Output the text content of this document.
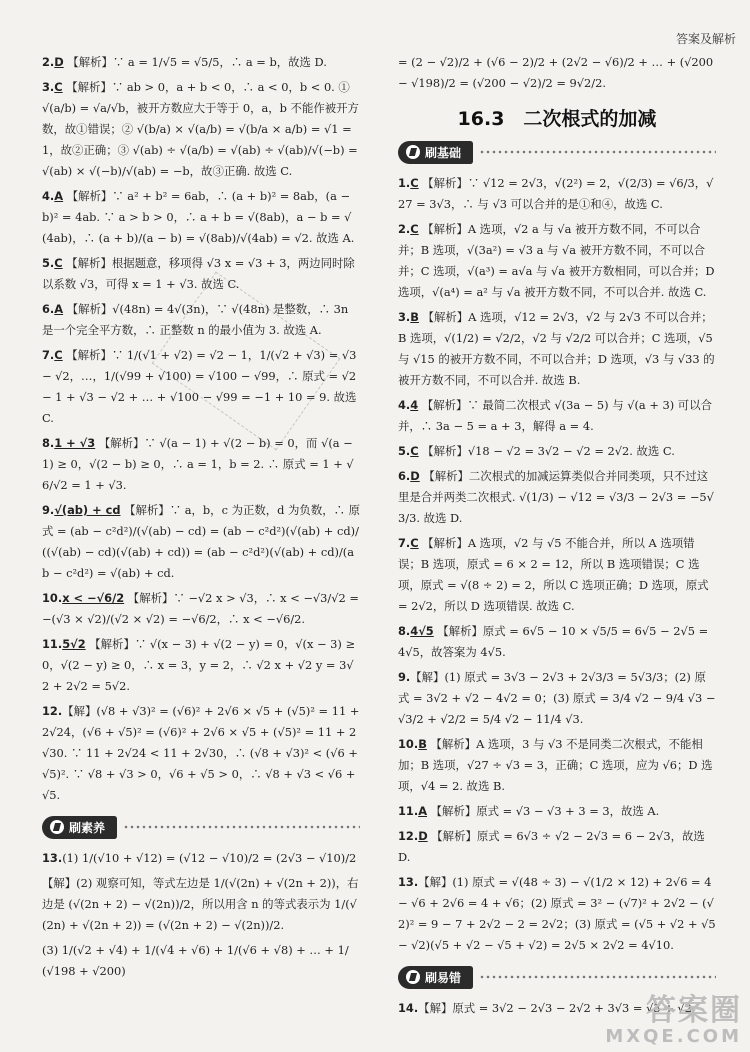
答案及解析
2.D 【解析】∵ a = 1/√5 = √5/5，∴ a = b，故选 D.
3.C 【解析】∵ ab > 0，a + b < 0，∴ a < 0，b < 0. ① √(a/b) = √a/√b，被开方数应大于等于 0，a，b 不能作被开方数，故①错误；② √(b/a) × √(a/b) = √(b/a × a/b) = √1 = 1，故②正确；③ √(ab) ÷ √(a/b) = √(ab) ÷ √(ab)/√(−b) = √(ab) × √(−b)/√(ab) = −b，故③正确. 故选 C.
4.A 【解析】∵ a² + b² = 6ab，∴ (a + b)² = 8ab，(a − b)² = 4ab. ∵ a > b > 0，∴ a + b = √(8ab)，a − b = √(4ab)，∴ (a + b)/(a − b) = √(8ab)/√(4ab) = √2. 故选 A.
5.C 【解析】根据题意，移项得 √3 x = √3 + 3，两边同时除以系数 √3，可得 x = 1 + √3. 故选 C.
6.A 【解析】√(48n) = 4√(3n)，∵ √(48n) 是整数，∴ 3n 是一个完全平方数，∴ 正整数 n 的最小值为 3. 故选 A.
7.C 【解析】∵ 1/(√1 + √2) = √2 − 1，1/(√2 + √3) = √3 − √2，…，1/(√99 + √100) = √100 − √99，∴ 原式 = √2 − 1 + √3 − √2 + … + √100 − √99 = −1 + 10 = 9. 故选 C.
8.1 + √3 【解析】∵ √(a − 1) + √(2 − b) = 0，而 √(a − 1) ≥ 0，√(2 − b) ≥ 0，∴ a = 1，b = 2. ∴ 原式 = 1 + √6/√2 = 1 + √3.
9.√(ab) + cd 【解析】∵ a，b，c 为正数，d 为负数，∴ 原式 = (ab − c²d²)/(√(ab) − cd) = (ab − c²d²)(√(ab) + cd)/((√(ab) − cd)(√(ab) + cd)) = (ab − c²d²)(√(ab) + cd)/(ab − c²d²) = √(ab) + cd.
10.x < −√6/2 【解析】∵ −√2 x > √3，∴ x < −√3/√2 = −(√3 × √2)/(√2 × √2) = −√6/2，∴ x < −√6/2.
11.5√2 【解析】∵ √(x − 3) + √(2 − y) = 0，√(x − 3) ≥ 0，√(2 − y) ≥ 0，∴ x = 3，y = 2，∴ √2 x + √2 y = 3√2 + 2√2 = 5√2.
12.【解】(√8 + √3)² = (√6)² + 2√6 × √5 + (√5)² = 11 + 2√24，(√6 + √5)² = (√6)² + 2√6 × √5 + (√5)² = 11 + 2√30. ∵ 11 + 2√24 < 11 + 2√30，∴ (√8 + √3)² < (√6 + √5)². ∵ √8 + √3 > 0，√6 + √5 > 0，∴ √8 + √3 < √6 + √5.
刷素养
13.(1) 1/(√10 + √12) = (√12 − √10)/2 = (2√3 − √10)/2
【解】(2) 观察可知，等式左边是 1/(√(2n) + √(2n + 2))，右边是 (√(2n + 2) − √(2n))/2，所以用含 n 的等式表示为 1/(√(2n) + √(2n + 2)) = (√(2n + 2) − √(2n))/2.
(3) 1/(√2 + √4) + 1/(√4 + √6) + 1/(√6 + √8) + … + 1/(√198 + √200)
= (2 − √2)/2 + (√6 − 2)/2 + (2√2 − √6)/2 + … + (√200 − √198)/2 = (√200 − √2)/2 = 9√2/2.
16.3　二次根式的加减
刷基础
1.C 【解析】∵ √12 = 2√3，√(2²) = 2，√(2/3) = √6/3，√27 = 3√3，∴ 与 √3 可以合并的是①和④，故选 C.
2.C 【解析】A 选项，√2 a 与 √a 被开方数不同，不可以合并；B 选项，√(3a²) = √3 a 与 √a 被开方数不同，不可以合并；C 选项，√(a³) = a√a 与 √a 被开方数相同，可以合并；D 选项，√(a⁴) = a² 与 √a 被开方数不同，不可以合并. 故选 C.
3.B 【解析】A 选项，√12 = 2√3，√2 与 2√3 不可以合并；B 选项，√(1/2) = √2/2，√2 与 √2/2 可以合并；C 选项，√5 与 √15 的被开方数不同，不可以合并；D 选项，√3 与 √33 的被开方数不同，不可以合并. 故选 B.
4.4 【解析】∵ 最简二次根式 √(3a − 5) 与 √(a + 3) 可以合并，∴ 3a − 5 = a + 3，解得 a = 4.
5.C 【解析】√18 − √2 = 3√2 − √2 = 2√2. 故选 C.
6.D 【解析】二次根式的加减运算类似合并同类项，只不过这里是合并两类二次根式. √(1/3) − √12 = √3/3 − 2√3 = −5√3/3. 故选 D.
7.C 【解析】A 选项，√2 与 √5 不能合并，所以 A 选项错误；B 选项，原式 = 6 × 2 = 12，所以 B 选项错误；C 选项，原式 = √(8 ÷ 2) = 2，所以 C 选项正确；D 选项，原式 = 2√2，所以 D 选项错误. 故选 C.
8.4√5 【解析】原式 = 6√5 − 10 × √5/5 = 6√5 − 2√5 = 4√5，故答案为 4√5.
9.【解】(1) 原式 = 3√3 − 2√3 + 2√3/3 = 5√3/3；(2) 原式 = 3√2 + √2 − 4√2 = 0；(3) 原式 = 3/4 √2 − 9/4 √3 − √3/2 + √2/2 = 5/4 √2 − 11/4 √3.
10.B 【解析】A 选项，3 与 √3 不是同类二次根式，不能相加；B 选项，√27 ÷ √3 = 3，正确；C 选项，应为 √6；D 选项，√4 = 2. 故选 B.
11.A 【解析】原式 = √3 − √3 + 3 = 3，故选 A.
12.D 【解析】原式 = 6√3 ÷ √2 − 2√3 = 6 − 2√3，故选 D.
13.【解】(1) 原式 = √(48 ÷ 3) − √(1/2 × 12) + 2√6 = 4 − √6 + 2√6 = 4 + √6；(2) 原式 = 3² − (√7)² + 2√2 − (√2)² = 9 − 7 + 2√2 − 2 = 2√2；(3) 原式 = (√5 + √2 + √5 − √2)(√5 + √2 − √5 + √2) = 2√5 × 2√2 = 4√10.
刷易错
14.【解】原式 = 3√2 − 2√3 − 2√2 + 3√3 = √3 + √2.
答案圈
MXQE.COM
